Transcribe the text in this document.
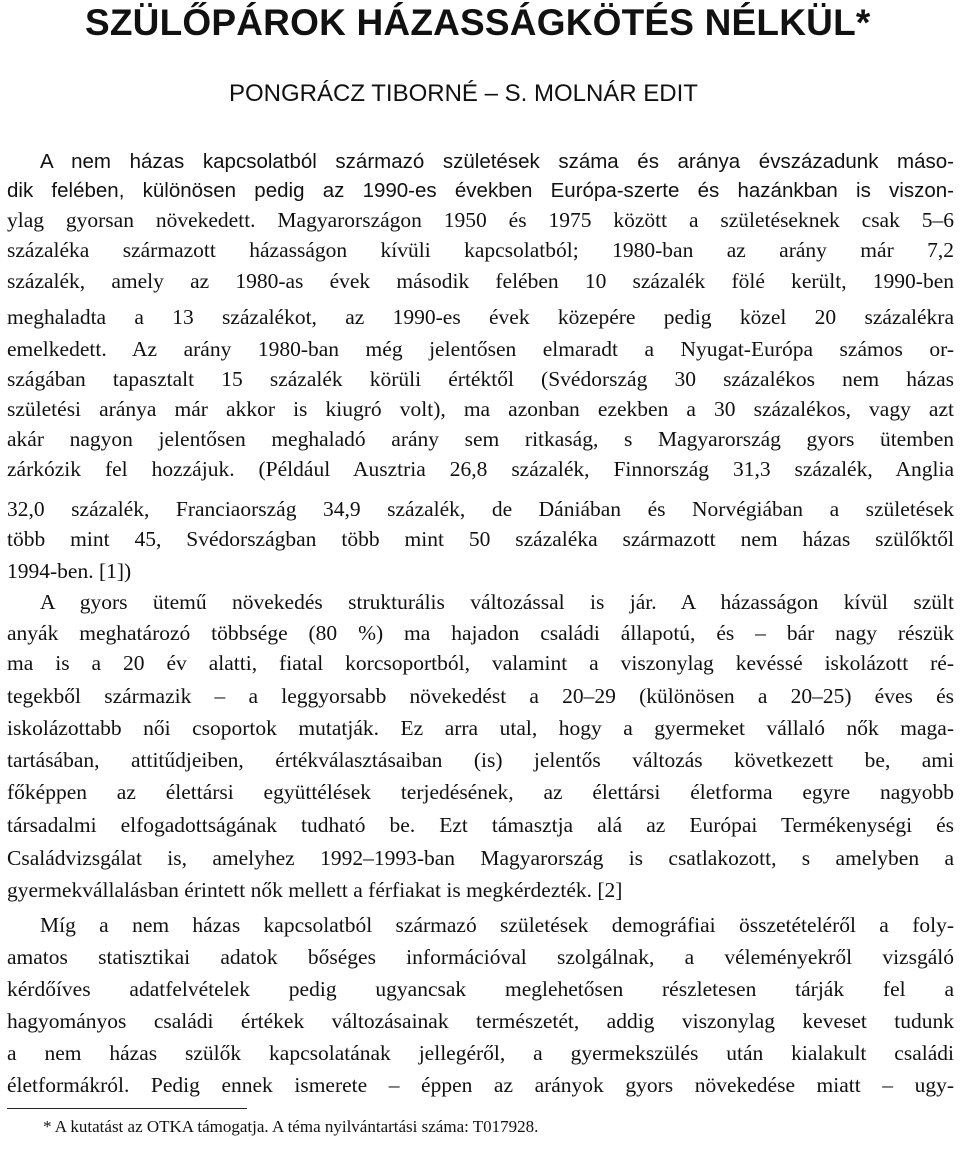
SZÜLŐPÁROK HÁZASSÁGKÖTÉS NÉLKÜL*
PONGRÁCZ TIBORNÉ – S. MOLNÁR EDIT
A nem házas kapcsolatból származó születések száma és aránya évszázadunk máso-
dik felében, különösen pedig az 1990-es években Európa-szerte és hazánkban is viszon-
ylag gyorsan növekedett. Magyarországon 1950 és 1975 között a születéseknek csak 5–6
százaléka származott házasságon kívüli kapcsolatból; 1980-ban az arány már 7,2
százalék, amely az 1980-as évek második felében 10 százalék fölé került, 1990-ben
meghaladta a 13 százalékot, az 1990-es évek közepére pedig közel 20 százalékra
emelkedett. Az arány 1980-ban még jelentősen elmaradt a Nyugat-Európa számos or-
szágában tapasztalt 15 százalék körüli értéktől (Svédország 30 százalékos nem házas
születési aránya már akkor is kiugró volt), ma azonban ezekben a 30 százalékos, vagy azt
akár nagyon jelentősen meghaladó arány sem ritkaság, s Magyarország gyors ütemben
zárkózik fel hozzájuk. (Például Ausztria 26,8 százalék, Finnország 31,3 százalék, Anglia
32,0 százalék, Franciaország 34,9 százalék, de Dániában és Norvégiában a születések
több mint 45, Svédországban több mint 50 százaléka származott nem házas szülőktől
1994-ben. [1])
A gyors ütemű növekedés strukturális változással is jár. A házasságon kívül szült
anyák meghatározó többsége (80 %) ma hajadon családi állapotú, és – bár nagy részük
ma is a 20 év alatti, fiatal korcsoportból, valamint a viszonylag kevéssé iskolázott ré-
tegekből származik – a leggyorsabb növekedést a 20–29 (különösen a 20–25) éves és
iskolázottabb női csoportok mutatják. Ez arra utal, hogy a gyermeket vállaló nők maga-
tartásában, attitűdjeiben, értékválasztásaiban (is) jelentős változás következett be, ami
főképpen az élettársi együttélések terjedésének, az élettársi életforma egyre nagyobb
társadalmi elfogadottságának tudható be. Ezt támasztja alá az Európai Termékenységi és
Családvizsgálat is, amelyhez 1992–1993-ban Magyarország is csatlakozott, s amelyben a
gyermekvállalásban érintett nők mellett a férfiakat is megkérdezték. [2]
Míg a nem házas kapcsolatból származó születések demográfiai összetételéről a foly-
amatos statisztikai adatok bőséges információval szolgálnak, a véleményekről vizsgáló
kérdőíves adatfelvételek pedig ugyancsak meglehetősen részletesen tárják fel a
hagyományos családi értékek változásainak természetét, addig viszonylag keveset tudunk
a nem házas szülők kapcsolatának jellegéről, a gyermekszülés után kialakult családi
életformákról. Pedig ennek ismerete – éppen az arányok gyors növekedése miatt – ugy-
* A kutatást az OTKA támogatja. A téma nyilvántartási száma: T017928.
